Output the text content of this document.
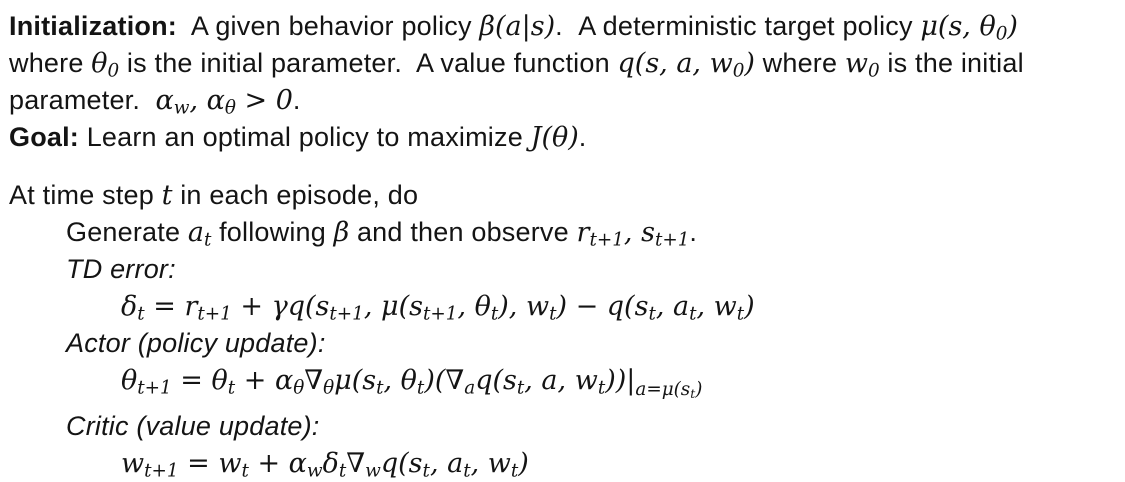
Initialization:  A given behavior policy β(a|s).  A deterministic target policy μ(s, $\theta_0$)
where $\theta_0$ is the initial parameter.  A value function q(s, a, $w_0$) where $w_0$ is the initial
parameter.  $\alpha_w$, $\alpha_\theta > 0$.
Goal: Learn an optimal policy to maximize J(θ).
At time step t in each episode, do
Generate $a_t$ following β and then observe $r_{t+1}$, $s_{t+1}$.
TD error:
$\delta_t = r_{t+1} + \gamma q(s_{t+1}$, $\mu(s_{t+1}$, $\theta_t$), $w_t) - q(s_t$, $a_t$, $w_t$)
Actor (policy update):
$\theta_{t+1} = \theta_t + \alpha_\theta\nabla_\theta\mu(s_t$, $\theta_t)(\nabla_aq(s_t$, a, $w_t))|_{a=\mu(s_t)}$
Critic (value update):
$w_{t+1} = w_t + \alpha_w\delta_t\nabla_wq(s_t$, $a_t$, $w_t$)
